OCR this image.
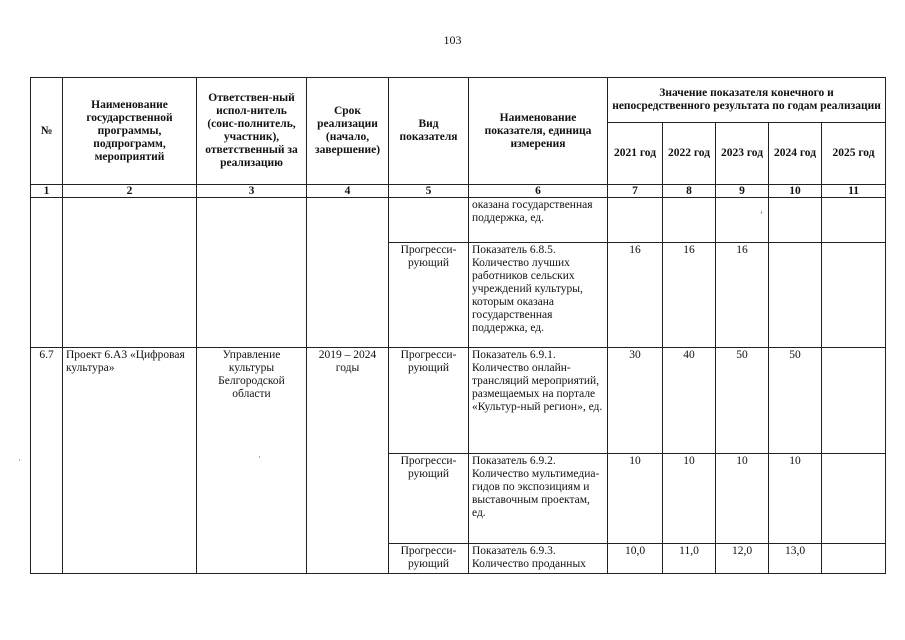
103
№	Наименование государственной программы, подпрограмм, мероприятий	Ответствен-ный испол-нитель (соис-полнитель, участник), ответственный за реализацию	Срок реализации (начало, завершение)	Вид показателя	Наименование показателя, единица измерения	Значение показателя конечного и непосредственного результата по годам реализации				
						2021 год	2022 год	2023 год	2024 год	2025 год
1	2	3	4	5	6	7	8	9	10	11
					оказана государственная поддержка, ед.					
				Прогресси-рующий	Показатель 6.8.5. Количество лучших работников сельских учреждений культуры, которым оказана государственная поддержка, ед.	16	16	16		
6.7	Проект 6.А3 «Цифровая культура»	Управление культуры Белгородской области	2019 – 2024 годы	Прогресси-рующий	Показатель 6.9.1. Количество онлайн-трансляций мероприятий, размещаемых на портале «Культур-ный регион», ед.	30	40	50	50	
				Прогресси-рующий	Показатель 6.9.2. Количество мультимедиа-гидов по экспозициям и выставочным проектам, ед.	10	10	10	10	
				Прогресси-рующий	Показатель 6.9.3. Количество проданных	10,0	11,0	12,0	13,0	
ʼ
·	·
